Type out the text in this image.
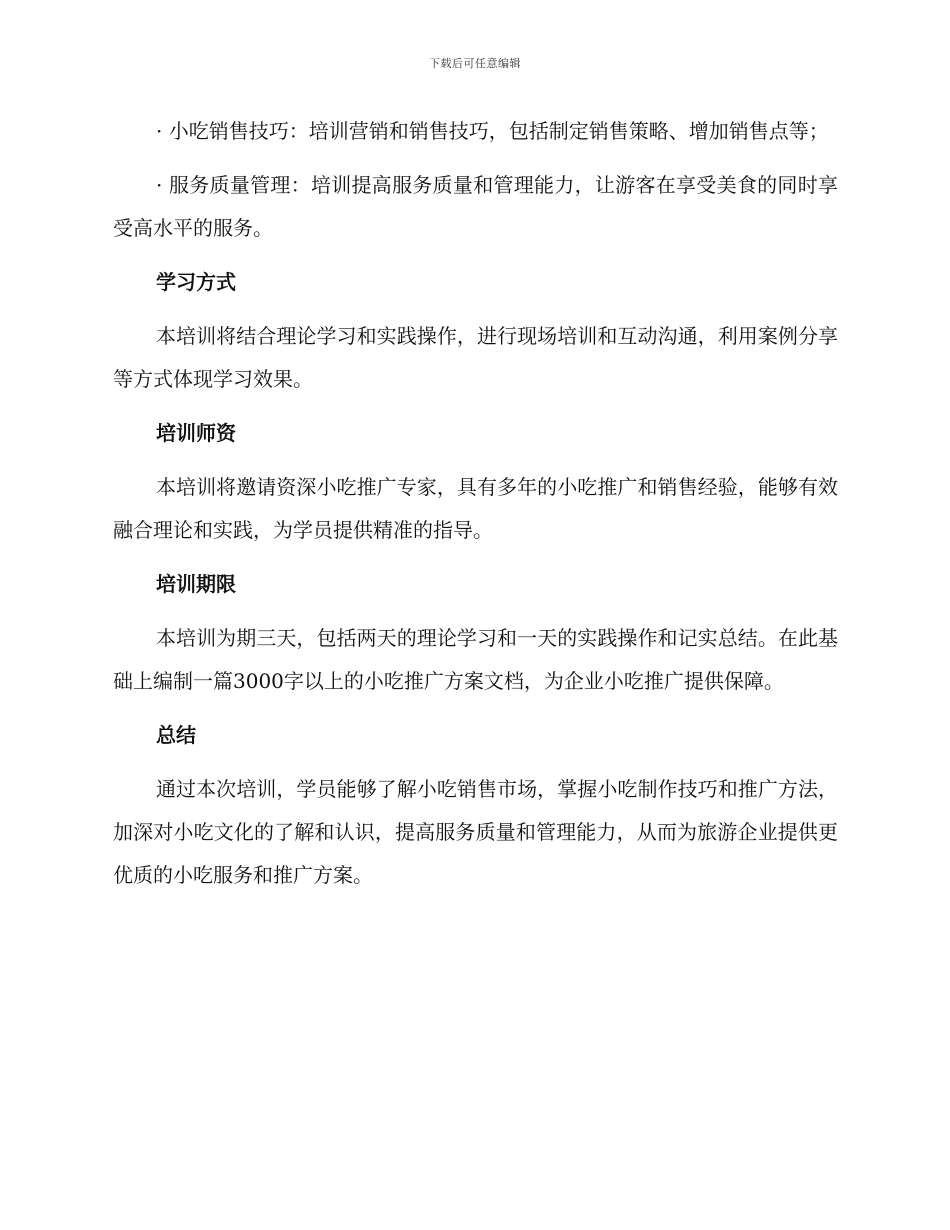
下载后可任意编辑

· 小吃销售技巧：培训营销和销售技巧，包括制定销售策略、增加销售点等；

· 服务质量管理：培训提高服务质量和管理能力，让游客在享受美食的同时享受高水平的服务。

学习方式

本培训将结合理论学习和实践操作，进行现场培训和互动沟通，利用案例分享等方式体现学习效果。

培训师资

本培训将邀请资深小吃推广专家，具有多年的小吃推广和销售经验，能够有效融合理论和实践，为学员提供精准的指导。

培训期限

本培训为期三天，包括两天的理论学习和一天的实践操作和记实总结。在此基础上编制一篇3000字以上的小吃推广方案文档，为企业小吃推广提供保障。

总结

通过本次培训，学员能够了解小吃销售市场，掌握小吃制作技巧和推广方法，加深对小吃文化的了解和认识，提高服务质量和管理能力，从而为旅游企业提供更优质的小吃服务和推广方案。
